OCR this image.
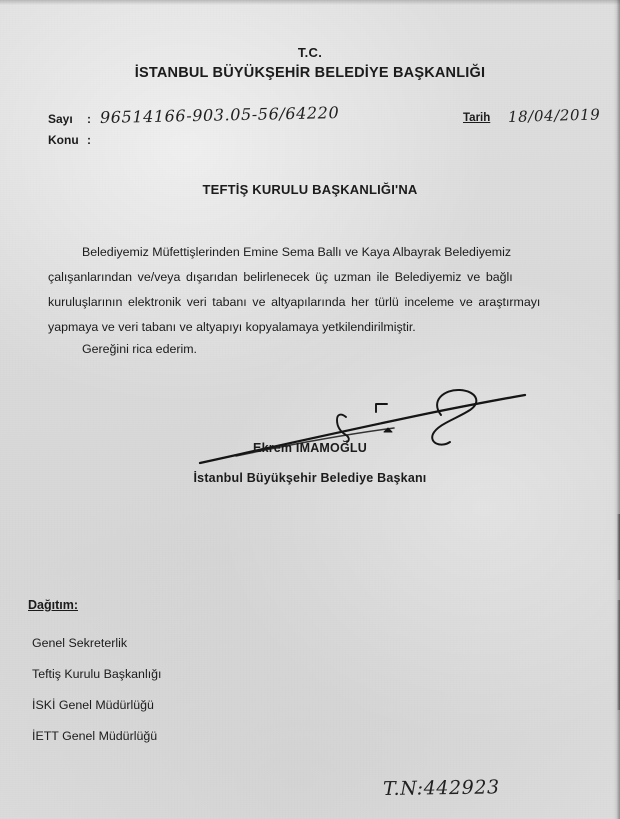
T.C.
İSTANBUL BÜYÜKŞEHİR BELEDİYE BAŞKANLIĞI
Sayı : 96514166-903.05-56/64220
Konu :
Tarih 18/04/2019
TEFTİŞ KURULU BAŞKANLIĞI'NA
Belediyemiz Müfettişlerinden Emine Sema Ballı ve Kaya Albayrak Belediyemiz
çalışanlarından ve/veya dışarıdan belirlenecek üç uzman ile Belediyemiz ve bağlı
kuruluşlarının elektronik veri tabanı ve altyapılarında her türlü inceleme ve araştırmayı
yapmaya ve veri tabanı ve altyapıyı kopyalamaya yetkilendirilmiştir.
Gereğini rica ederim.
Ekrem İMAMOĞLU
İstanbul Büyükşehir Belediye Başkanı
Dağıtım:
Genel Sekreterlik
Teftiş Kurulu Başkanlığı
İSKİ Genel Müdürlüğü
İETT Genel Müdürlüğü
T.N:442923
